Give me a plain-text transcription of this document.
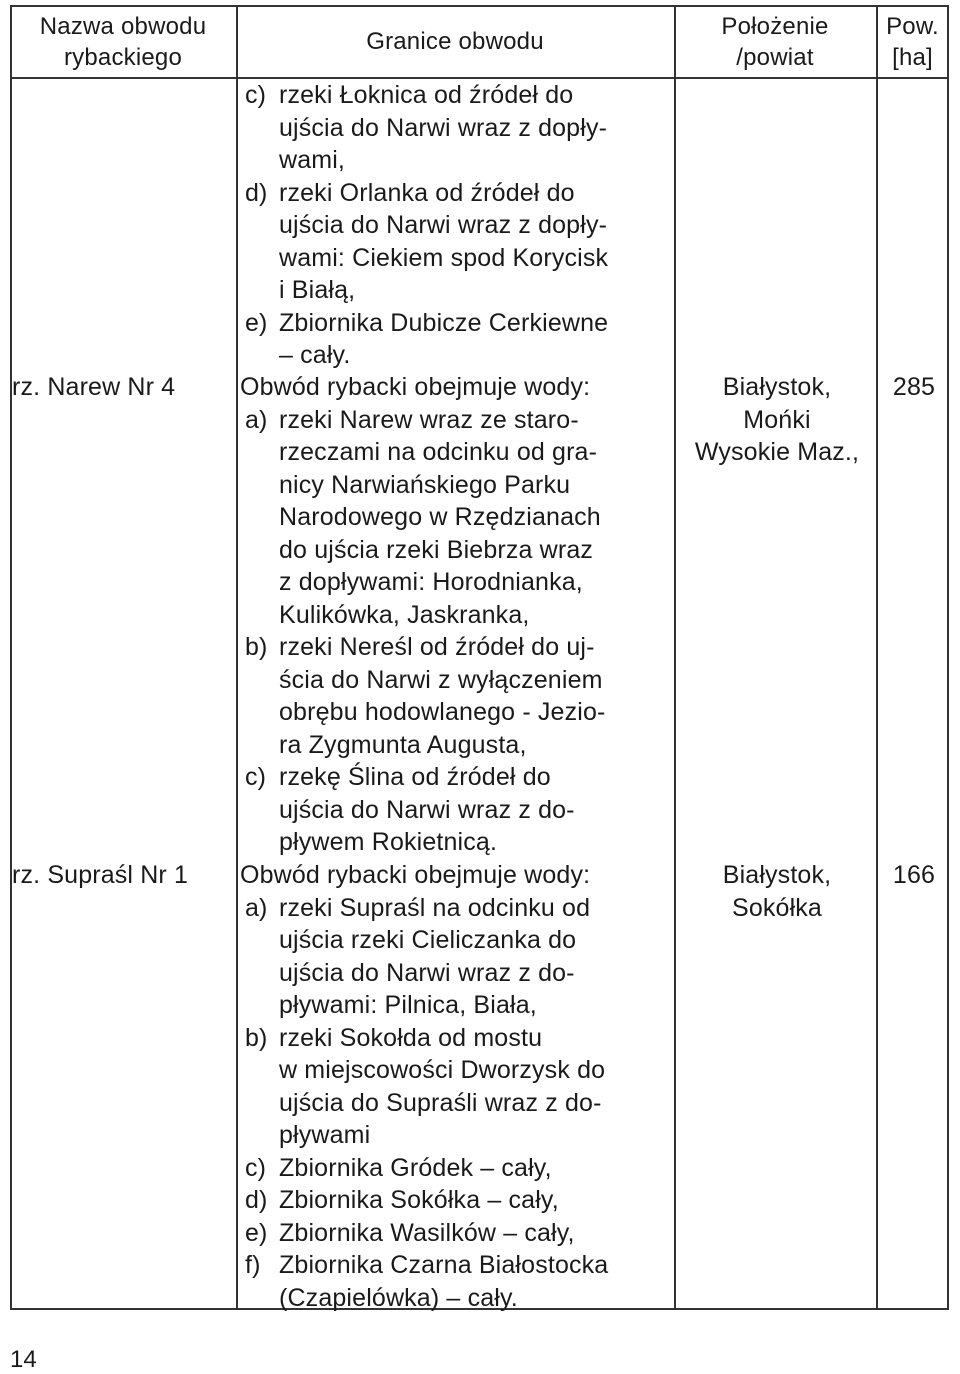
Nazwa obwodu
rybackiego
Granice obwodu
Położenie
/powiat
Pow.
[ha]
c) rzeki Łoknica od źródeł do
ujścia do Narwi wraz z dopły-
wami,
d) rzeki Orlanka od źródeł do
ujścia do Narwi wraz z dopły-
wami: Ciekiem spod Korycisk
i Białą,
e) Zbiornika Dubicze Cerkiewne
– cały.
rz. Narew Nr 4	Obwód rybacki obejmuje wody:
a) rzeki Narew wraz ze staro-
rzeczami na odcinku od gra-
nicy Narwiańskiego Parku
Narodowego w Rzędzianach
do ujścia rzeki Biebrza wraz
z dopływami: Horodnianka,
Kulikówka, Jaskranka,
b) rzeki Nereśl od źródeł do uj-
ścia do Narwi z wyłączeniem
obrębu hodowlanego - Jezio-
ra Zygmunta Augusta,
c) rzekę Ślina od źródeł do
ujścia do Narwi wraz z do-
pływem Rokietnicą.
Białystok,
Mońki
Wysokie Maz.,
285
rz. Supraśl Nr 1	Obwód rybacki obejmuje wody:
a) rzeki Supraśl na odcinku od
ujścia rzeki Cieliczanka do
ujścia do Narwi wraz z do-
pływami: Pilnica, Biała,
b) rzeki Sokołda od mostu
w miejscowości Dworzysk do
ujścia do Supraśli wraz z do-
pływami
c) Zbiornika Gródek – cały,
d) Zbiornika Sokółka – cały,
e) Zbiornika Wasilków – cały,
f) Zbiornika Czarna Białostocka
(Czapielówka) – cały.
Białystok,
Sokółka
166
14
